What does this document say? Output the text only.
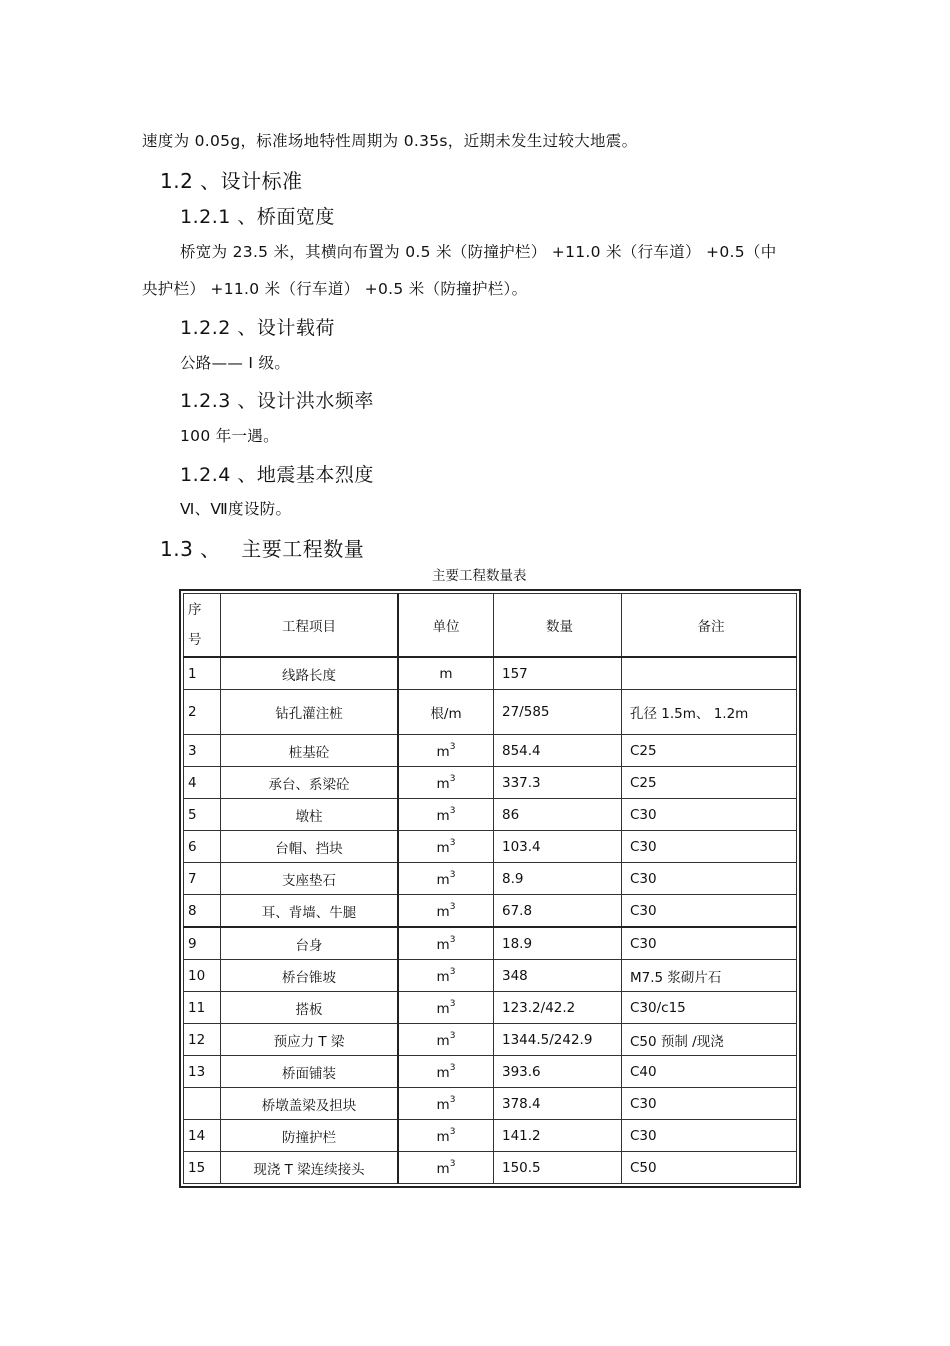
速度为 0.05g，标准场地特性周期为 0.35s，近期未发生过较大地震。
1.2 、设计标准
1.2.1 、桥面宽度
桥宽为 23.5 米，其横向布置为 0.5 米（防撞护栏） +11.0 米（行车道） +0.5（中
央护栏） +11.0 米（行车道） +0.5 米（防撞护栏）。
1.2.2 、设计载荷
公路—— I 级。
1.2.3 、设计洪水频率
100 年一遇。
1.2.4 、地震基本烈度
Ⅵ、Ⅶ度设防。
1.3 、   主要工程数量
主要工程数量表
序
号	工程项目	单位	数量	备注
1	线路长度	m	157	
2	钻孔灌注桩	根/m	27/585	孔径 1.5m、 1.2m
3	桩基砼	$m^3$	854.4	C25
4	承台、系梁砼	$m^3$	337.3	C25
5	墩柱	$m^3$	86	C30
6	台帽、挡块	$m^3$	103.4	C30
7	支座垫石	$m^3$	8.9	C30
8	耳、背墙、牛腿	$m^3$	67.8	C30
9	台身	$m^3$	18.9	C30
10	桥台锥坡	$m^3$	348	M7.5 浆砌片石
11	搭板	$m^3$	123.2/42.2	C30/c15
12	预应力 T 梁	$m^3$	1344.5/242.9	C50 预制 /现浇
13	桥面铺装	$m^3$	393.6	C40
	桥墩盖梁及担块	$m^3$	378.4	C30
14	防撞护栏	$m^3$	141.2	C30
15	现浇 T 梁连续接头	$m^3$	150.5	C50
